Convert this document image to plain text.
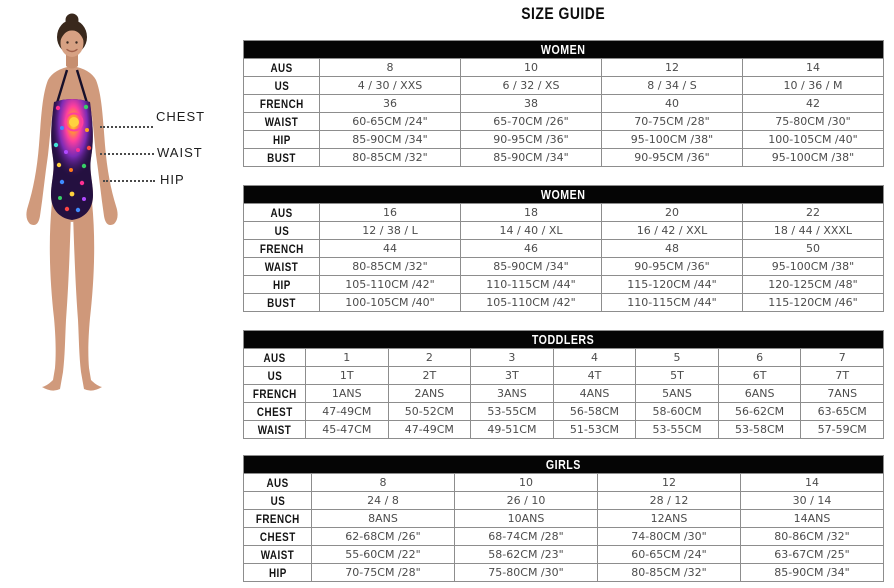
CHEST
WAIST
HIP
SIZE GUIDE
WOMEN				
AUS	8	10	12	14
US	4 / 30 / XXS	6 / 32 / XS	8 / 34 / S	10 / 36 / M
FRENCH	36	38	40	42
WAIST	60-65CM /24"	65-70CM /26"	70-75CM /28"	75-80CM /30"
HIP	85-90CM /34"	90-95CM /36"	95-100CM /38"	100-105CM /40"
BUST	80-85CM /32"	85-90CM /34"	90-95CM /36"	95-100CM /38"
WOMEN				
AUS	16	18	20	22
US	12 / 38 / L	14 / 40 / XL	16 / 42 / XXL	18 / 44 / XXXL
FRENCH	44	46	48	50
WAIST	80-85CM /32"	85-90CM /34"	90-95CM /36"	95-100CM /38"
HIP	105-110CM /42"	110-115CM /44"	115-120CM /44"	120-125CM /48"
BUST	100-105CM /40"	105-110CM /42"	110-115CM /44"	115-120CM /46"
TODDLERS							
AUS	1	2	3	4	5	6	7
US	1T	2T	3T	4T	5T	6T	7T
FRENCH	1ANS	2ANS	3ANS	4ANS	5ANS	6ANS	7ANS
CHEST	47-49CM	50-52CM	53-55CM	56-58CM	58-60CM	56-62CM	63-65CM
WAIST	45-47CM	47-49CM	49-51CM	51-53CM	53-55CM	53-58CM	57-59CM
GIRLS				
AUS	8	10	12	14
US	24 / 8	26 / 10	28 / 12	30 / 14
FRENCH	8ANS	10ANS	12ANS	14ANS
CHEST	62-68CM /26"	68-74CM /28"	74-80CM /30"	80-86CM /32"
WAIST	55-60CM /22"	58-62CM /23"	60-65CM /24"	63-67CM /25"
HIP	70-75CM /28"	75-80CM /30"	80-85CM /32"	85-90CM /34"
